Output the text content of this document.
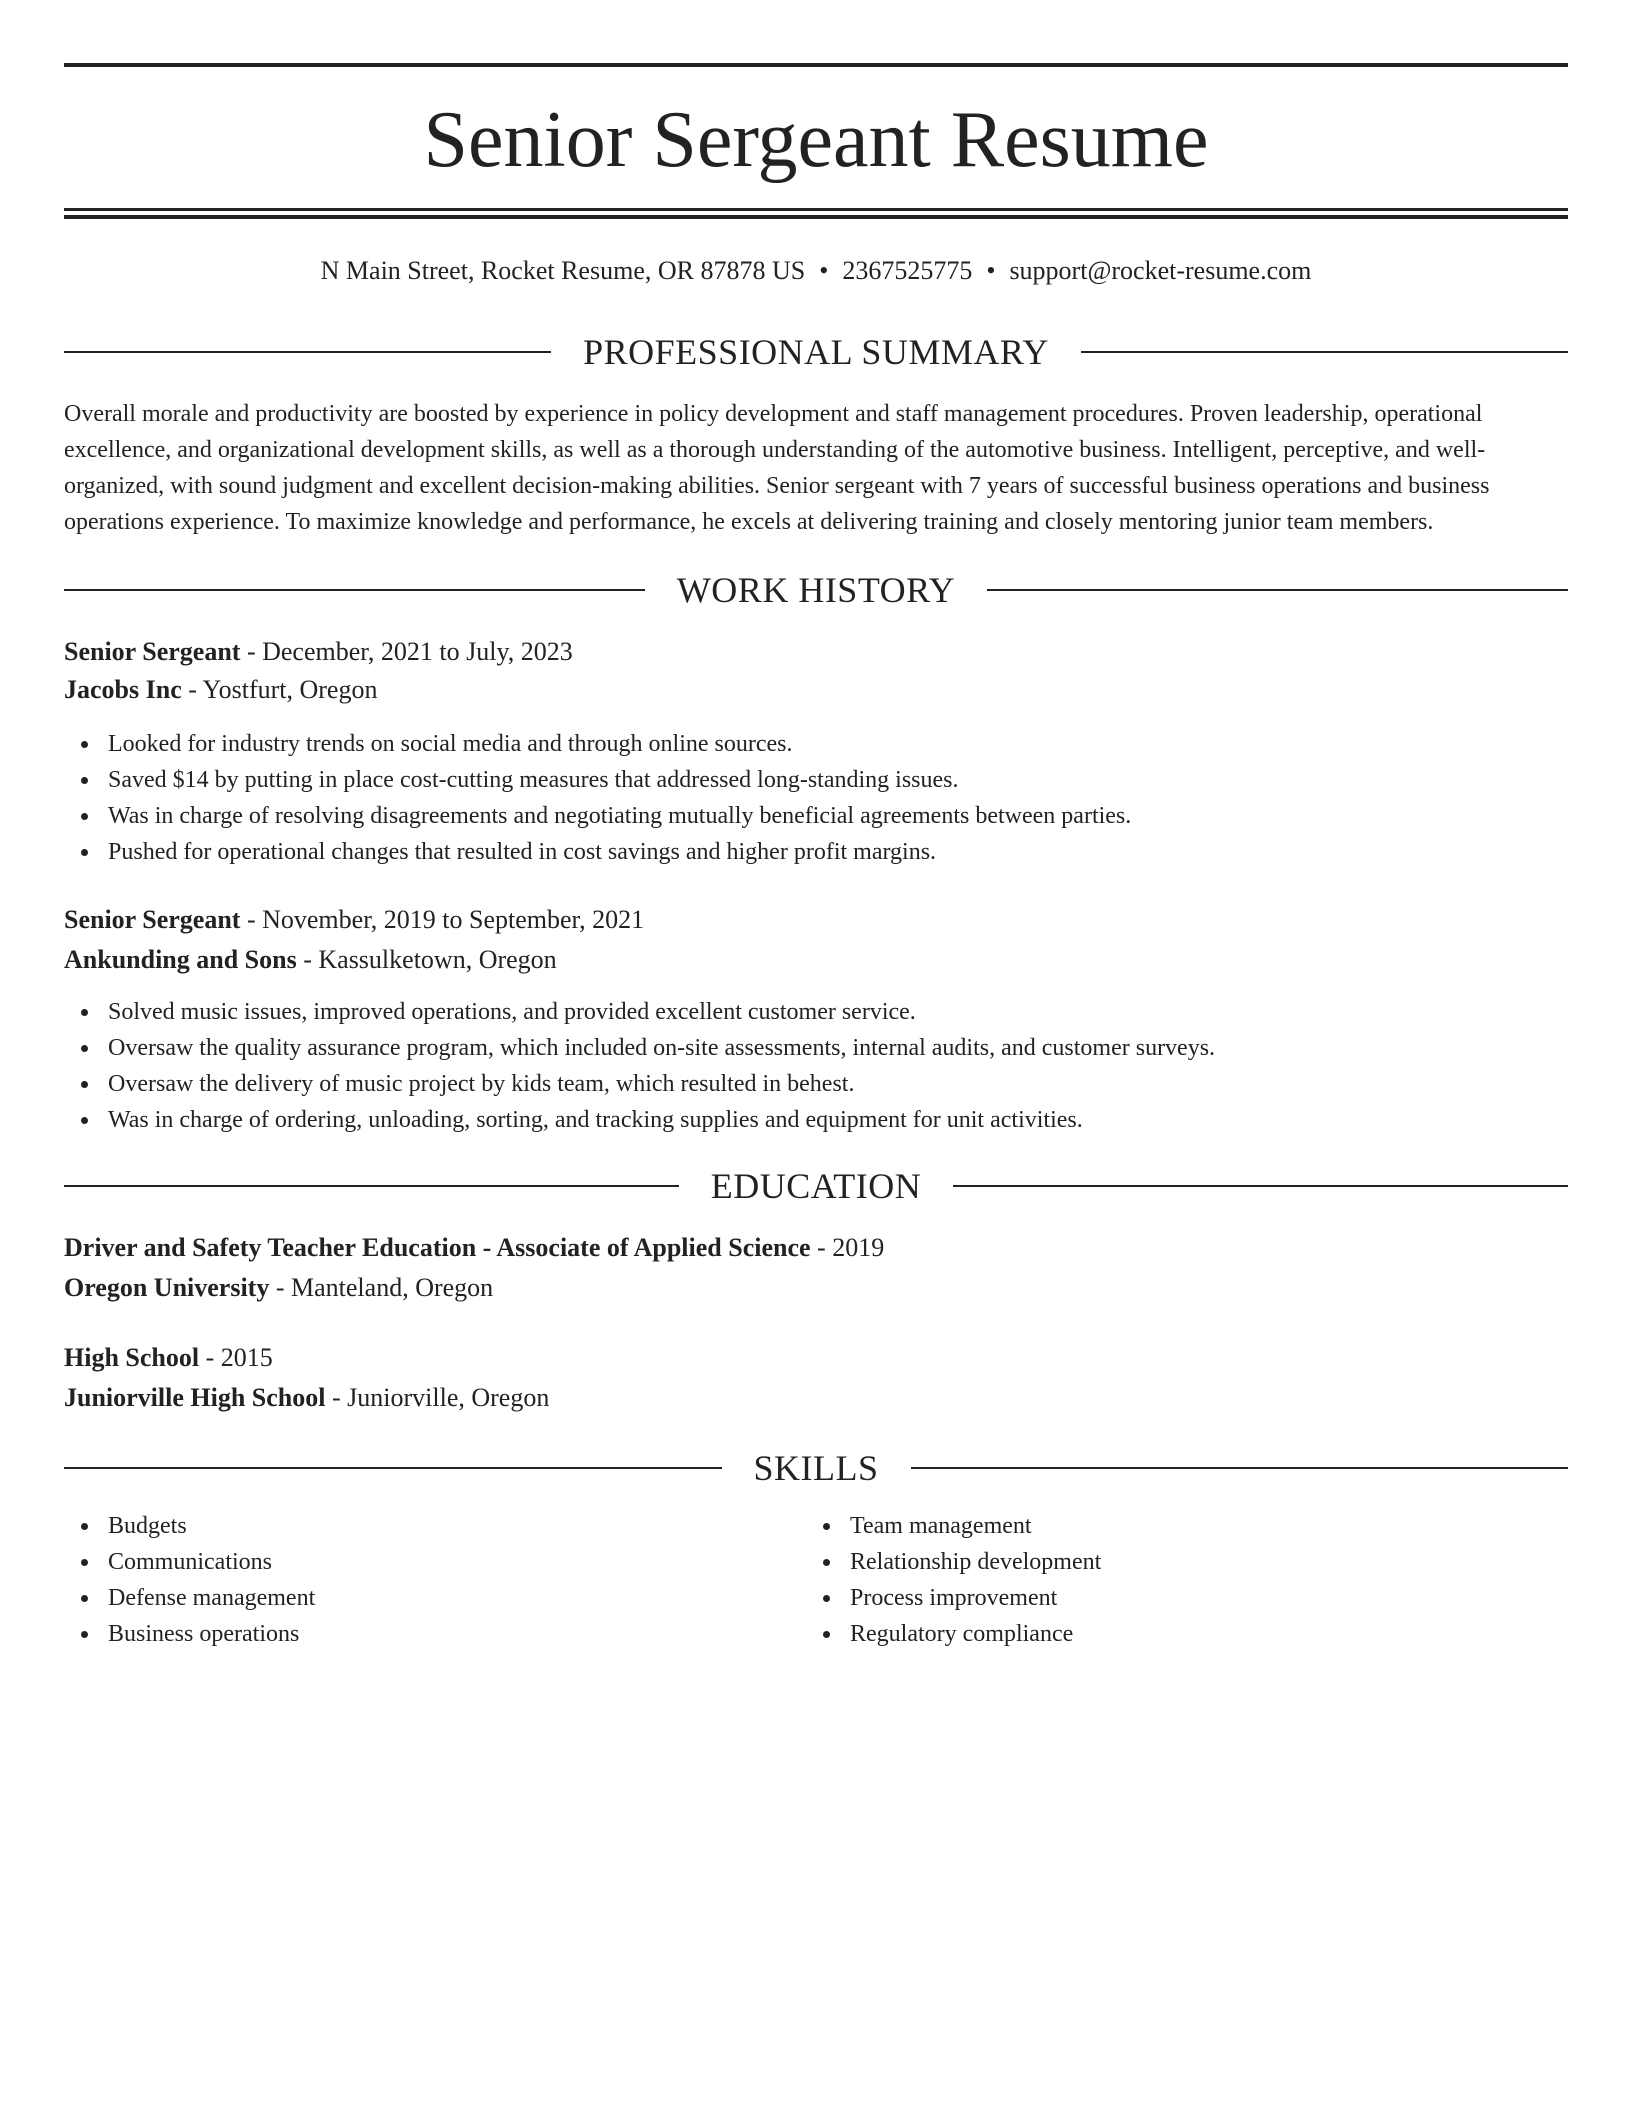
Senior Sergeant Resume
N Main Street, Rocket Resume, OR 87878 US • 2367525775 • support@rocket-resume.com
PROFESSIONAL SUMMARY

Overall morale and productivity are boosted by experience in policy development and staff management procedures. Proven leadership, operational excellence, and organizational development skills, as well as a thorough understanding of the automotive business. Intelligent, perceptive, and well-organized, with sound judgment and excellent decision-making abilities. Senior sergeant with 7 years of successful business operations and business operations experience. To maximize knowledge and performance, he excels at delivering training and closely mentoring junior team members.

WORK HISTORY
Senior Sergeant - December, 2021 to July, 2023
Jacobs Inc - Yostfurt, Oregon
Looked for industry trends on social media and through online sources.
Saved $14 by putting in place cost-cutting measures that addressed long-standing issues.
Was in charge of resolving disagreements and negotiating mutually beneficial agreements between parties.
Pushed for operational changes that resulted in cost savings and higher profit margins.
Senior Sergeant - November, 2019 to September, 2021
Ankunding and Sons - Kassulketown, Oregon
Solved music issues, improved operations, and provided excellent customer service.
Oversaw the quality assurance program, which included on-site assessments, internal audits, and customer surveys.
Oversaw the delivery of music project by kids team, which resulted in behest.
Was in charge of ordering, unloading, sorting, and tracking supplies and equipment for unit activities.
EDUCATION
Driver and Safety Teacher Education - Associate of Applied Science - 2019
Oregon University - Manteland, Oregon
High School - 2015
Juniorville High School - Juniorville, Oregon
SKILLS
Budgets
Communications
Defense management
Business operations
Team management
Relationship development
Process improvement
Regulatory compliance
